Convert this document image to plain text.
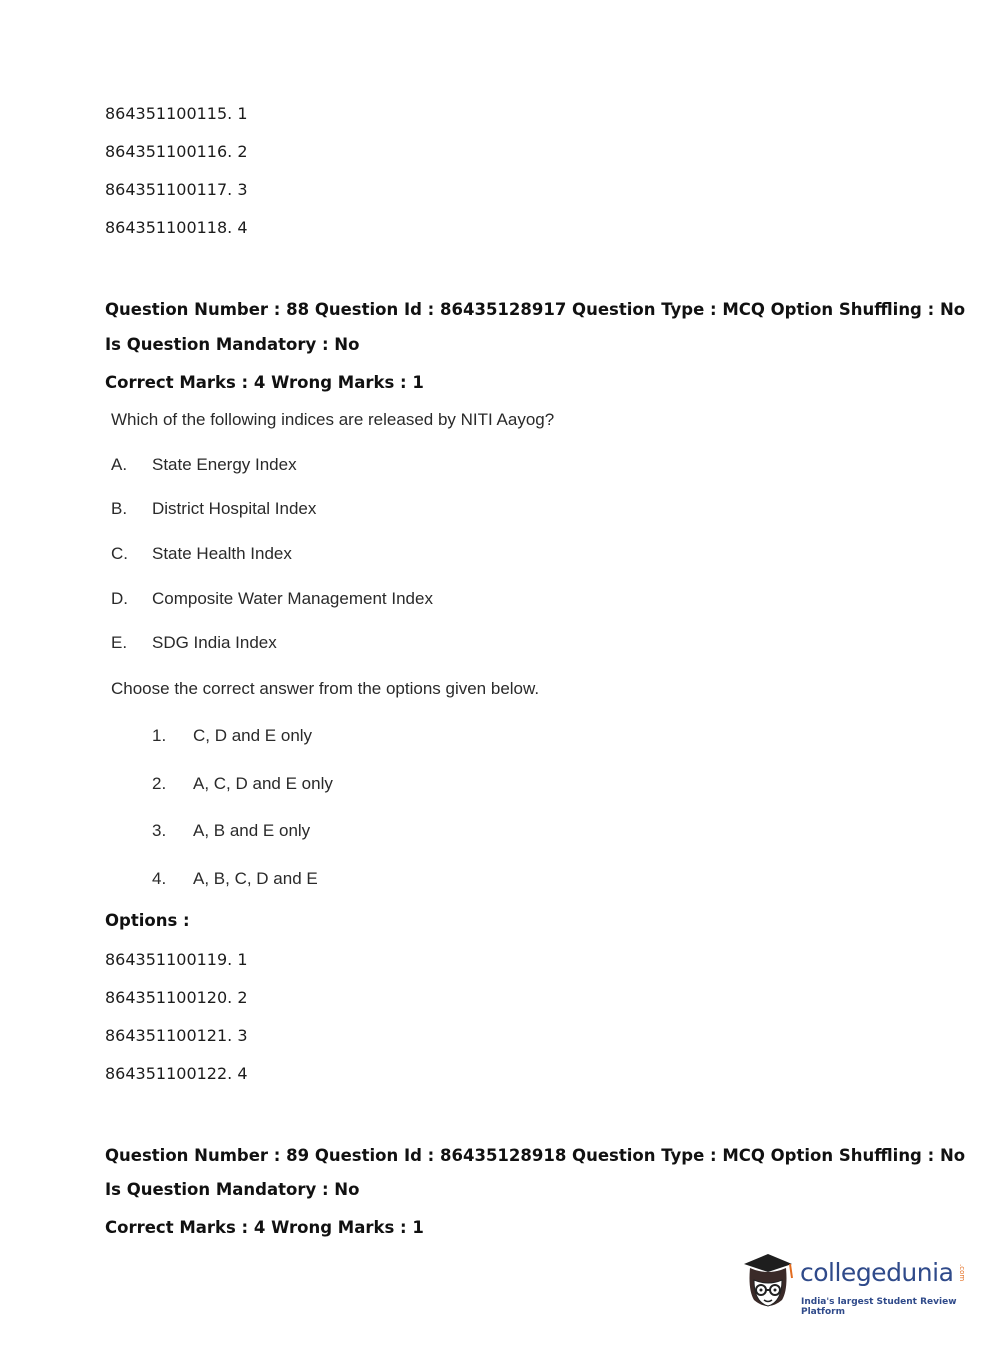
864351100115. 1
864351100116. 2
864351100117. 3
864351100118. 4
Question Number : 88 Question Id : 86435128917 Question Type : MCQ Option Shuffling : No
Is Question Mandatory : No
Correct Marks : 4 Wrong Marks : 1
Which of the following indices are released by NITI Aayog?
A. State Energy Index
B. District Hospital Index
C. State Health Index
D. Composite Water Management Index
E. SDG India Index
Choose the correct answer from the options given below.
1. C, D and E only
2. A, C, D and E only
3. A, B and E only
4. A, B, C, D and E
Options :
864351100119. 1
864351100120. 2
864351100121. 3
864351100122. 4
Question Number : 89 Question Id : 86435128918 Question Type : MCQ Option Shuffling : No
Is Question Mandatory : No
Correct Marks : 4 Wrong Marks : 1
collegedunia .com
India's largest Student Review Platform
